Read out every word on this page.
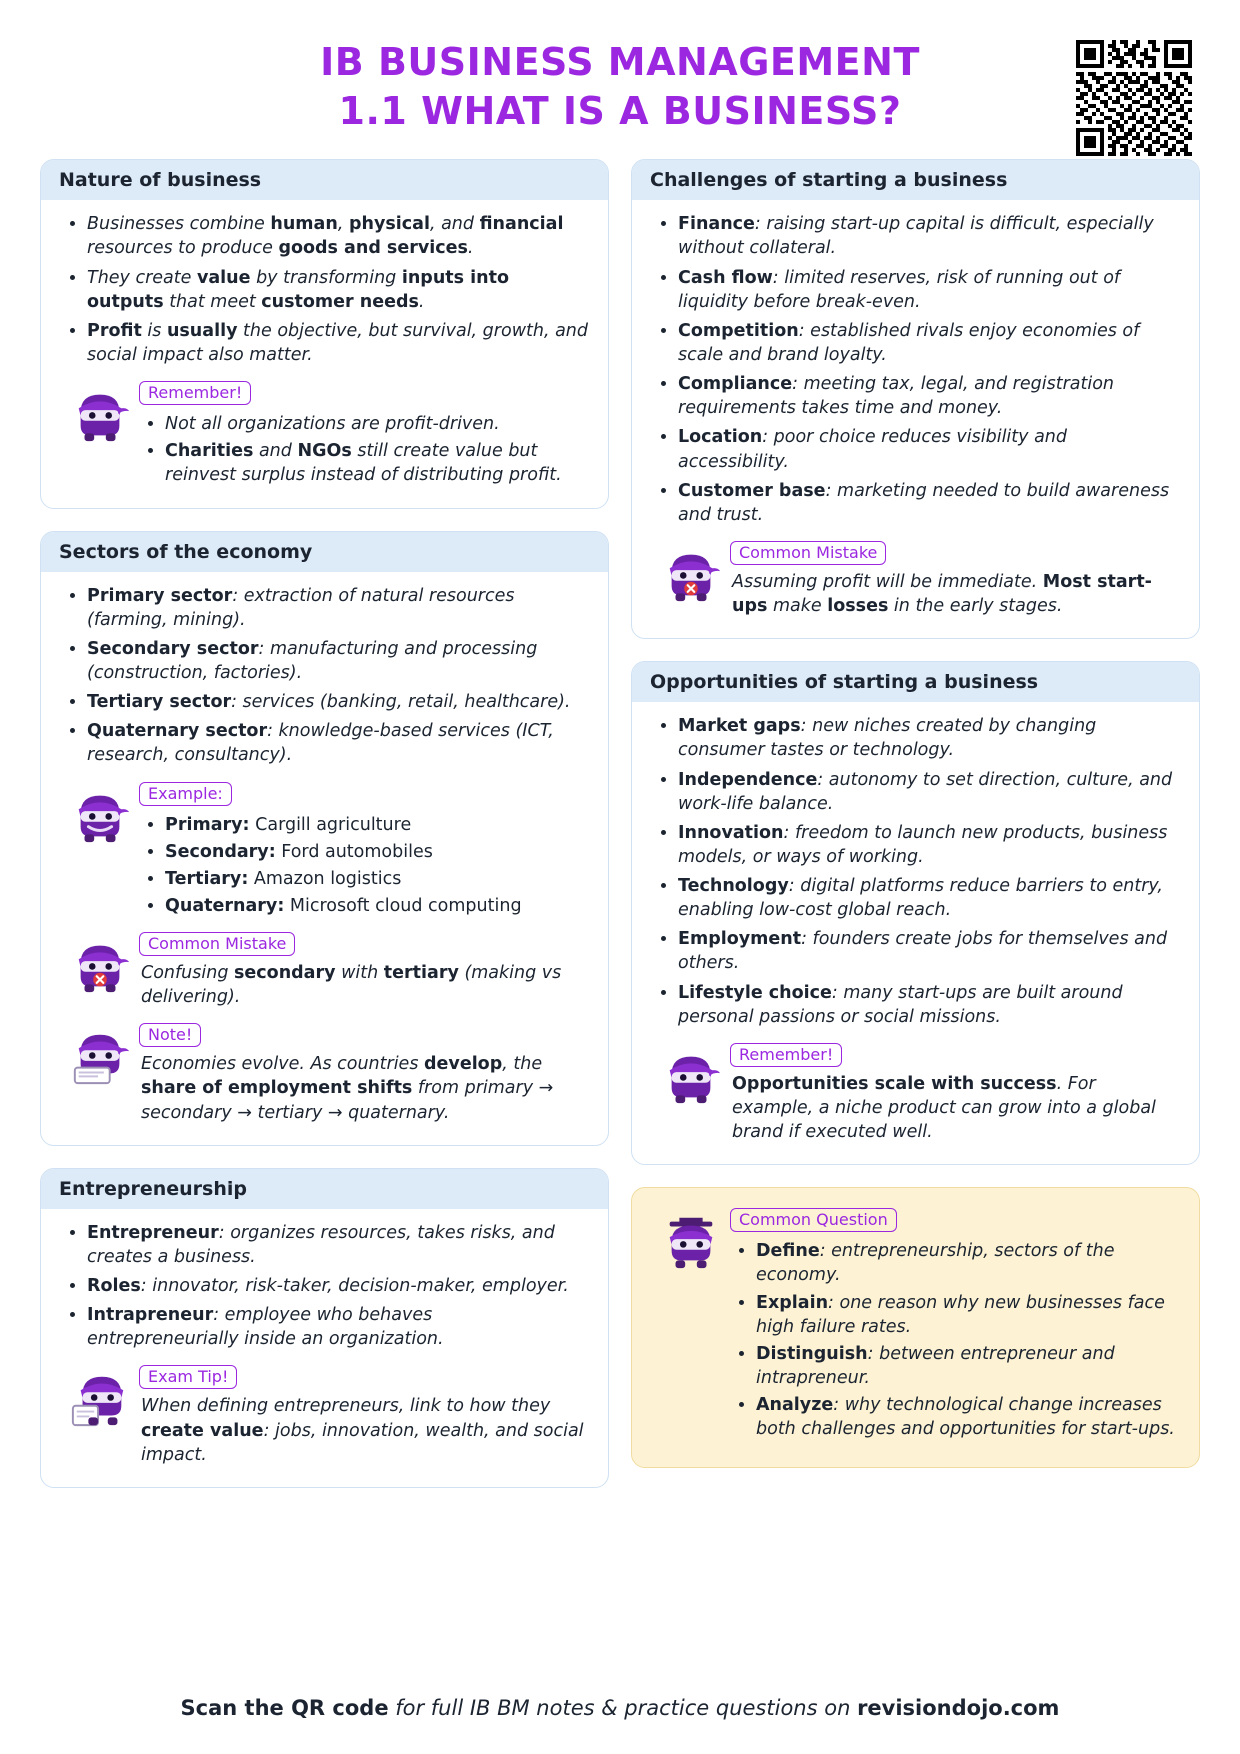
IB BUSINESS MANAGEMENT
1.1 WHAT IS A BUSINESS?
Nature of business
• Businesses combine human, physical, and financial resources to produce goods and services.
• They create value by transforming inputs into outputs that meet customer needs.
• Profit is usually the objective, but survival, growth, and social impact also matter.
Remember!
• Not all organizations are profit-driven.
• Charities and NGOs still create value but reinvest surplus instead of distributing profit.
Sectors of the economy
• Primary sector: extraction of natural resources (farming, mining).
• Secondary sector: manufacturing and processing (construction, factories).
• Tertiary sector: services (banking, retail, healthcare).
• Quaternary sector: knowledge-based services (ICT, research, consultancy).
Example:
• Primary: Cargill agriculture
• Secondary: Ford automobiles
• Tertiary: Amazon logistics
• Quaternary: Microsoft cloud computing
Common Mistake
Confusing secondary with tertiary (making vs delivering).
Note!
Economies evolve. As countries develop, the share of employment shifts from primary → secondary → tertiary → quaternary.
Entrepreneurship
• Entrepreneur: organizes resources, takes risks, and creates a business.
• Roles: innovator, risk-taker, decision-maker, employer.
• Intrapreneur: employee who behaves entrepreneurially inside an organization.
Exam Tip!
When defining entrepreneurs, link to how they create value: jobs, innovation, wealth, and social impact.
Challenges of starting a business
• Finance: raising start-up capital is difficult, especially without collateral.
• Cash flow: limited reserves, risk of running out of liquidity before break-even.
• Competition: established rivals enjoy economies of scale and brand loyalty.
• Compliance: meeting tax, legal, and registration requirements takes time and money.
• Location: poor choice reduces visibility and accessibility.
• Customer base: marketing needed to build awareness and trust.
Common Mistake
Assuming profit will be immediate. Most start-ups make losses in the early stages.
Opportunities of starting a business
• Market gaps: new niches created by changing consumer tastes or technology.
• Independence: autonomy to set direction, culture, and work-life balance.
• Innovation: freedom to launch new products, business models, or ways of working.
• Technology: digital platforms reduce barriers to entry, enabling low-cost global reach.
• Employment: founders create jobs for themselves and others.
• Lifestyle choice: many start-ups are built around personal passions or social missions.
Remember!
Opportunities scale with success. For example, a niche product can grow into a global brand if executed well.
Common Question
• Define: entrepreneurship, sectors of the economy.
• Explain: one reason why new businesses face high failure rates.
• Distinguish: between entrepreneur and intrapreneur.
• Analyze: why technological change increases both challenges and opportunities for start-ups.
Scan the QR code for full IB BM notes & practice questions on revisiondojo.com
